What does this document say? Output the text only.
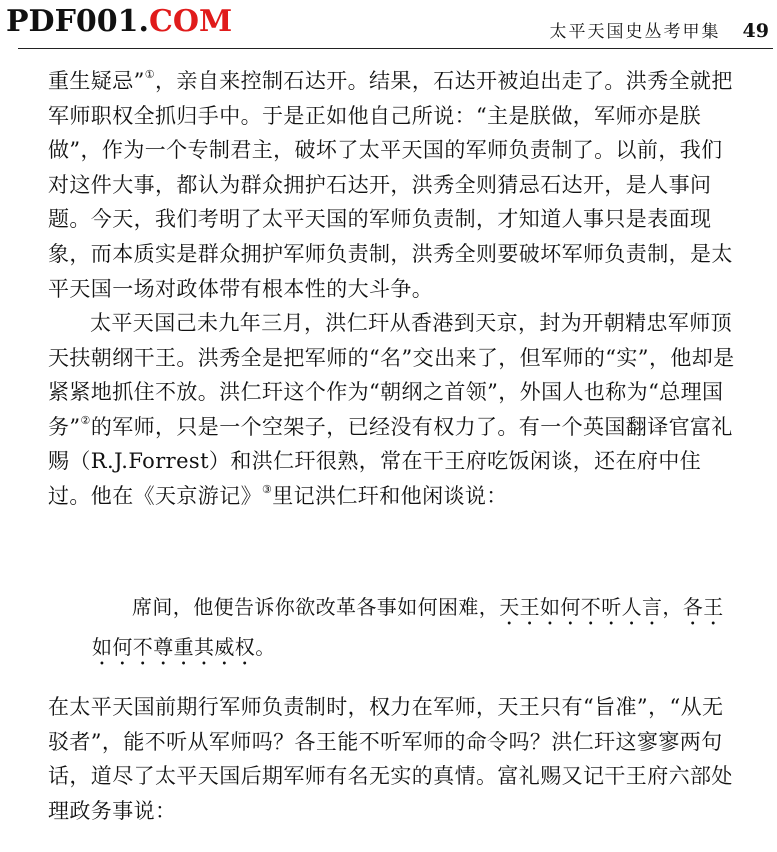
PDF001.COM	太平天国史丛考甲集 49

重生疑忌”①，亲自来控制石达开。结果，石达开被迫出走了。洪秀全就把军师职权全抓归手中。于是正如他自己所说：“主是朕做，军师亦是朕做”，作为一个专制君主，破坏了太平天国的军师负责制了。以前，我们对这件大事，都认为群众拥护石达开，洪秀全则猜忌石达开，是人事问题。今天，我们考明了太平天国的军师负责制，才知道人事只是表面现象，而本质实是群众拥护军师负责制，洪秀全则要破坏军师负责制，是太平天国一场对政体带有根本性的大斗争。

太平天国己未九年三月，洪仁玕从香港到天京，封为开朝精忠军师顶天扶朝纲干王。洪秀全是把军师的“名”交出来了，但军师的“实”，他却是紧紧地抓住不放。洪仁玕这个作为“朝纲之首领”，外国人也称为“总理国务”②的军师，只是一个空架子，已经没有权力了。有一个英国翻译官富礼赐（R.J.Forrest）和洪仁玕很熟，常在干王府吃饭闲谈，还在府中住过。他在《天京游记》③里记洪仁玕和他闲谈说：

席间，他便告诉你欲改革各事如何困难，天王如何不听人言，各王如何不尊重其威权。

在太平天国前期行军师负责制时，权力在军师，天王只有“旨准”，“从无驳者”，能不听从军师吗？各王能不听军师的命令吗？洪仁玕这寥寥两句话，道尽了太平天国后期军师有名无实的真情。富礼赐又记干王府六部处理政务事说：
